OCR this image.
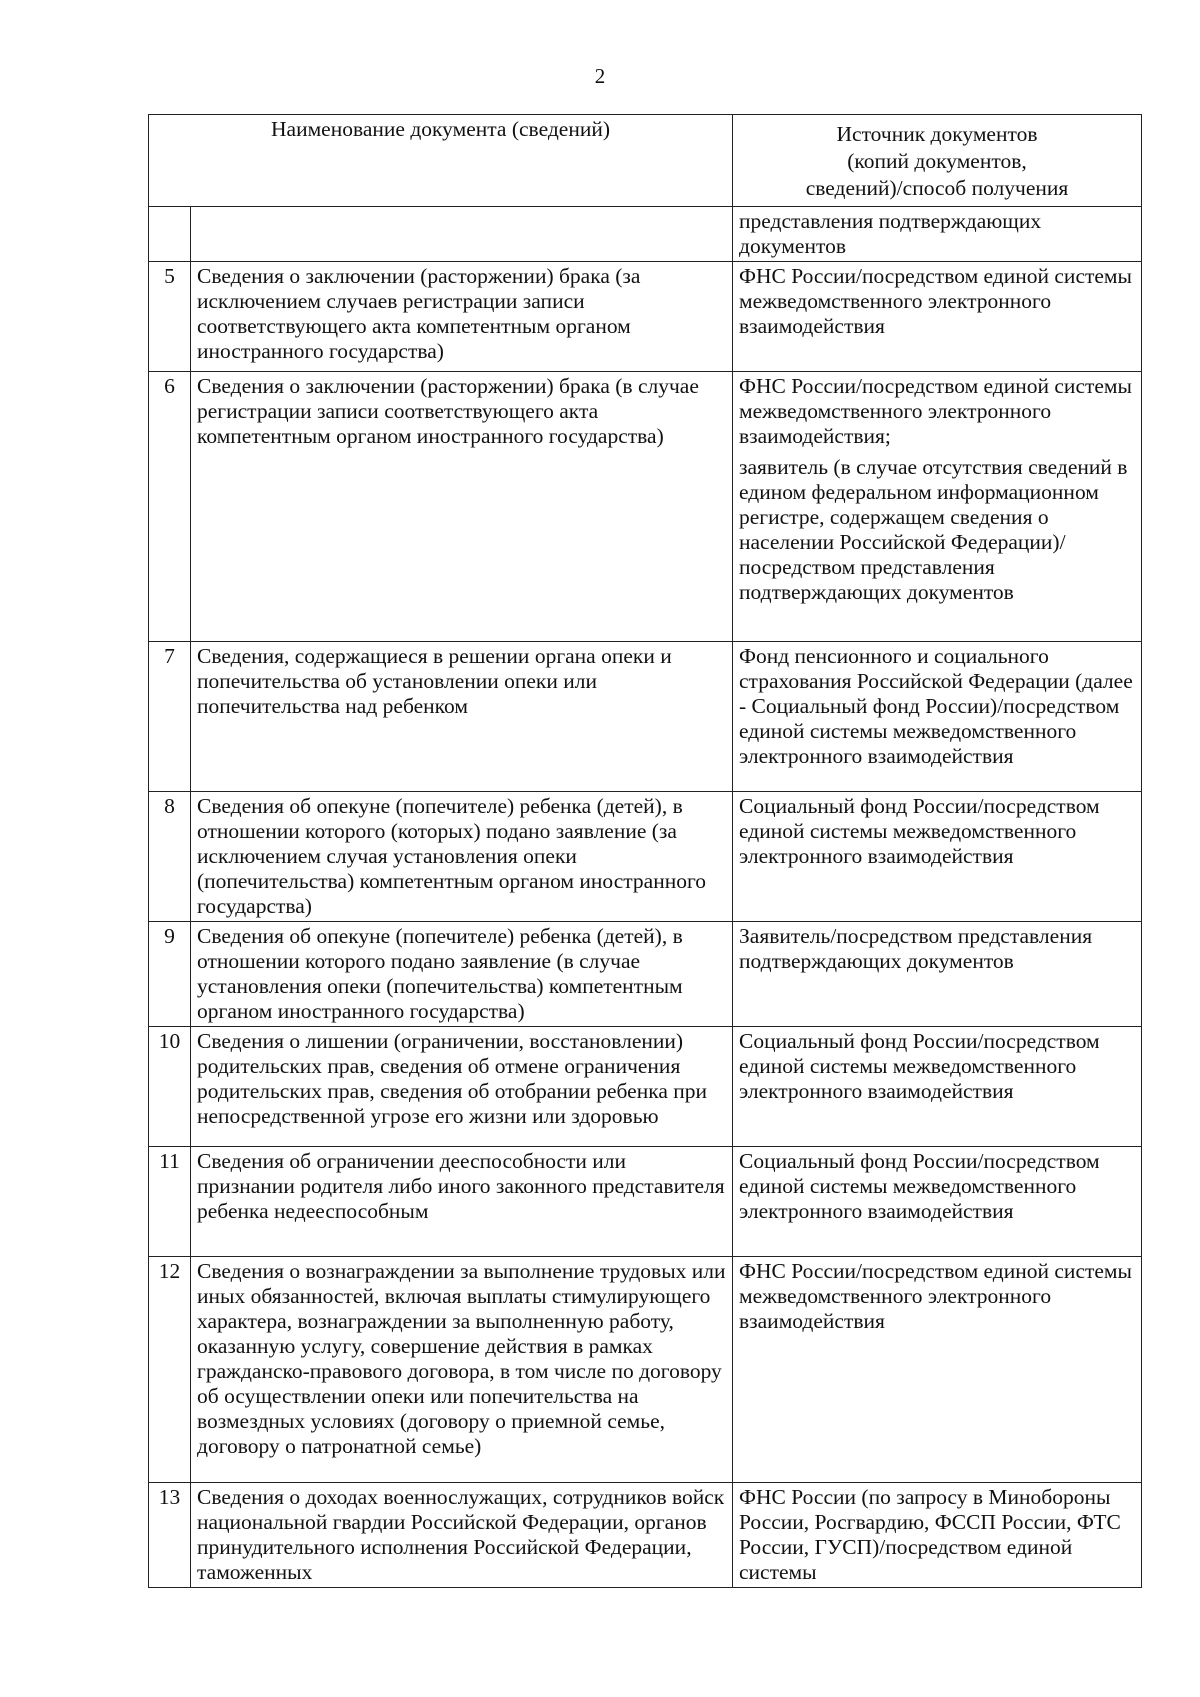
2
Наименование документа (сведений)		Источник документов
(копий документов,
сведений)/способ получения

		представления подтверждающих документов
5	Сведения о заключении (расторжении) брака (за исключением случаев регистрации записи соответствующего акта компетентным органом иностранного государства)	ФНС России/посредством единой системы межведомственного электронного взаимодействия

6	Сведения о заключении (расторжении) брака (в случае регистрации записи соответствующего акта компетентным органом иностранного государства)	ФНС России/посредством единой системы межведомственного электронного взаимодействия;
заявитель (в случае отсутствия сведений в едином федеральном информационном регистре, содержащем сведения о населении Российской Федерации)/посредством представления подтверждающих документов

7	Сведения, содержащиеся в решении органа опеки и попечительства об установлении опеки или попечительства над ребенком	Фонд пенсионного и социального страхования Российской Федерации (далее - Социальный фонд России)/посредством единой системы межведомственного электронного взаимодействия

8	Сведения об опекуне (попечителе) ребенка (детей), в отношении которого (которых) подано заявление (за исключением случая установления опеки (попечительства) компетентным органом иностранного государства)	Социальный фонд России/посредством единой системы межведомственного электронного взаимодействия

9	Сведения об опекуне (попечителе) ребенка (детей), в отношении которого подано заявление (в случае установления опеки (попечительства) компетентным органом иностранного государства)	Заявитель/посредством представления подтверждающих документов

10	Сведения о лишении (ограничении, восстановлении) родительских прав, сведения об отмене ограничения родительских прав, сведения об отобрании ребенка при непосредственной угрозе его жизни или здоровью	Социальный фонд России/посредством единой системы межведомственного электронного взаимодействия

11	Сведения об ограничении дееспособности или признании родителя либо иного законного представителя ребенка недееспособным	Социальный фонд России/посредством единой системы межведомственного электронного взаимодействия

12	Сведения о вознаграждении за выполнение трудовых или иных обязанностей, включая выплаты стимулирующего характера, вознаграждении за выполненную работу, оказанную услугу, совершение действия в рамках гражданско-правового договора, в том числе по договору об осуществлении опеки или попечительства на возмездных условиях (договору о приемной семье, договору о патронатной семье)	ФНС России/посредством единой системы межведомственного электронного взаимодействия

13	Сведения о доходах военнослужащих, сотрудников войск национальной гвардии Российской Федерации, органов принудительного исполнения Российской Федерации, таможенных	ФНС России (по запросу в Минобороны России, Росгвардию, ФССП России, ФТС России, ГУСП)/посредством единой системы
